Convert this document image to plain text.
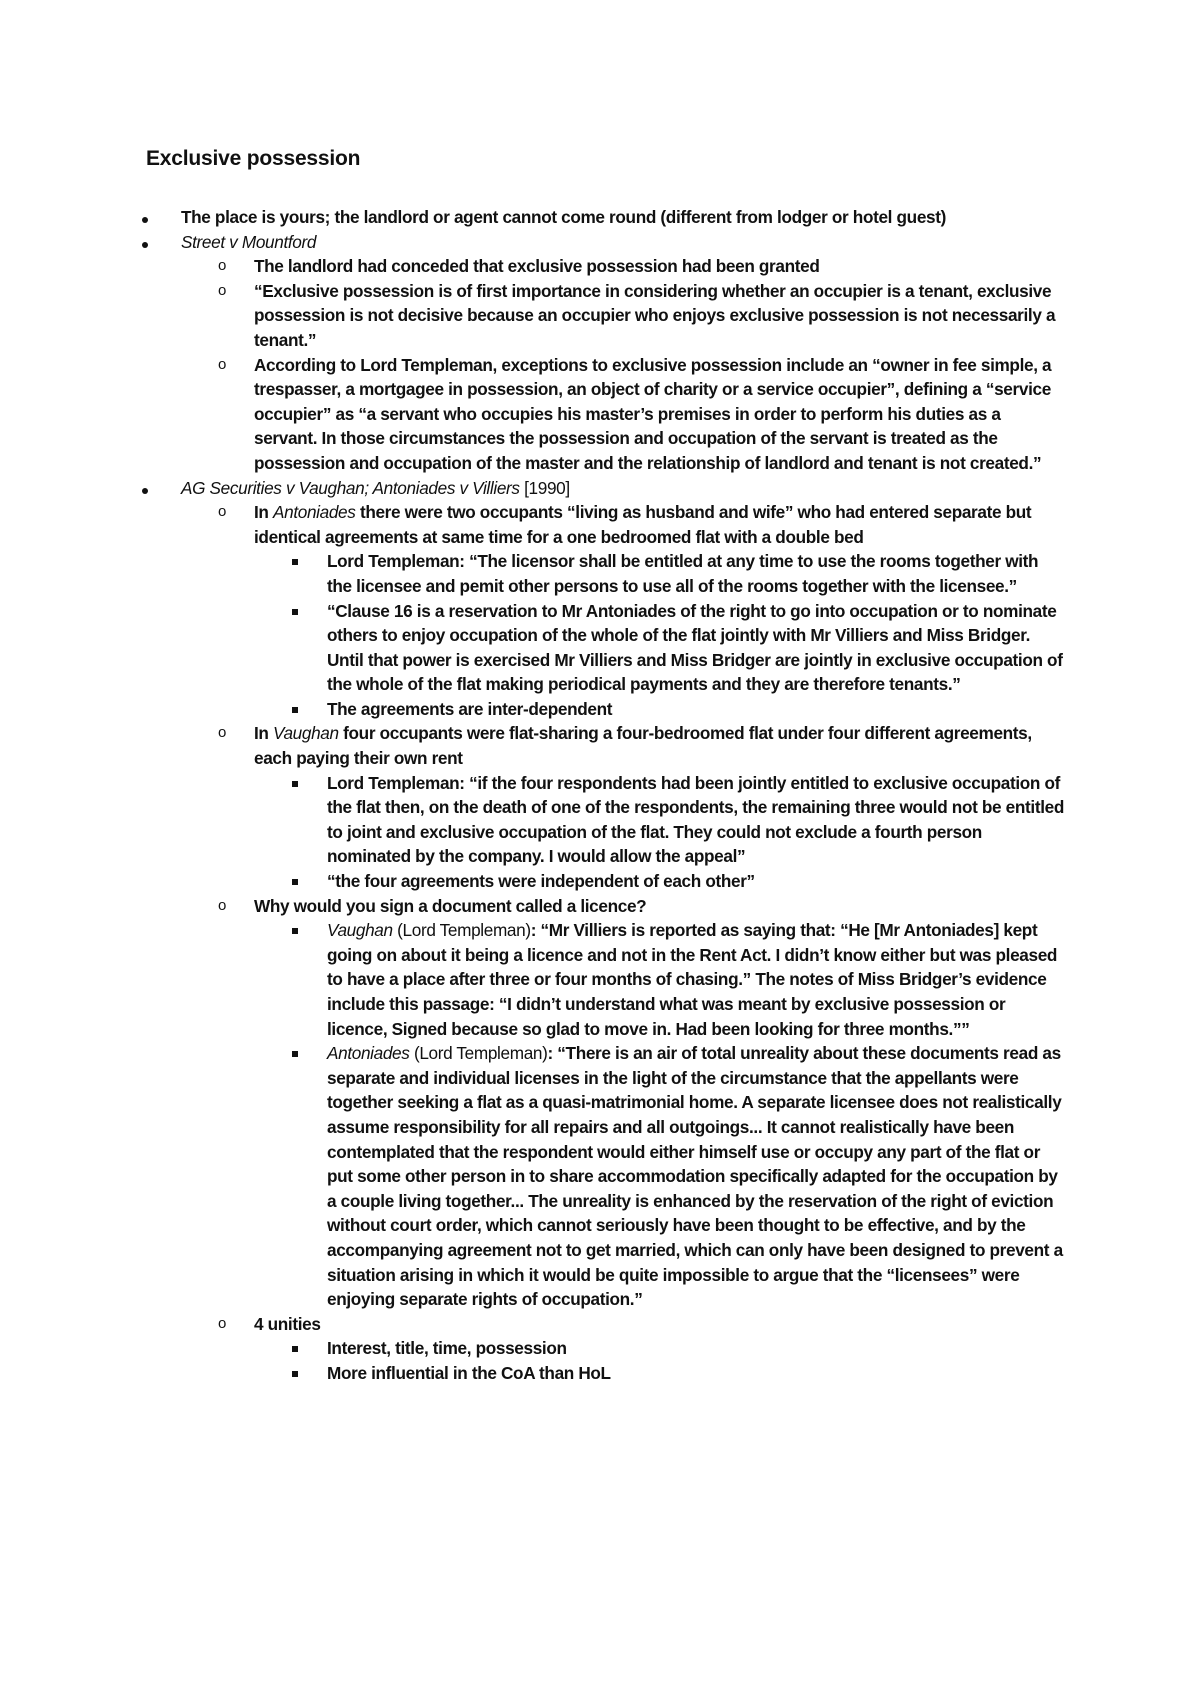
Exclusive possession
The place is yours; the landlord or agent cannot come round (different from lodger or hotel guest)
Street v Mountford
o The landlord had conceded that exclusive possession had been granted
o “Exclusive possession is of first importance in considering whether an occupier is a tenant, exclusive possession is not decisive because an occupier who enjoys exclusive possession is not necessarily a tenant.”
o According to Lord Templeman, exceptions to exclusive possession include an “owner in fee simple, a trespasser, a mortgagee in possession, an object of charity or a service occupier”, defining a “service occupier” as “a servant who occupies his master’s premises in order to perform his duties as a servant. In those circumstances the possession and occupation of the servant is treated as the possession and occupation of the master and the relationship of landlord and tenant is not created.”
AG Securities v Vaughan; Antoniades v Villiers [1990]
o In Antoniades there were two occupants “living as husband and wife” who had entered separate but identical agreements at same time for a one bedroomed flat with a double bed
Lord Templeman: “The licensor shall be entitled at any time to use the rooms together with the licensee and pemit other persons to use all of the rooms together with the licensee.”
“Clause 16 is a reservation to Mr Antoniades of the right to go into occupation or to nominate others to enjoy occupation of the whole of the flat jointly with Mr Villiers and Miss Bridger. Until that power is exercised Mr Villiers and Miss Bridger are jointly in exclusive occupation of the whole of the flat making periodical payments and they are therefore tenants.”
The agreements are inter-dependent
o In Vaughan four occupants were flat-sharing a four-bedroomed flat under four different agreements, each paying their own rent
Lord Templeman: “if the four respondents had been jointly entitled to exclusive occupation of the flat then, on the death of one of the respondents, the remaining three would not be entitled to joint and exclusive occupation of the flat. They could not exclude a fourth person nominated by the company. I would allow the appeal”
“the four agreements were independent of each other”
o Why would you sign a document called a licence?
Vaughan (Lord Templeman): “Mr Villiers is reported as saying that: “He [Mr Antoniades] kept going on about it being a licence and not in the Rent Act. I didn’t know either but was pleased to have a place after three or four months of chasing.” The notes of Miss Bridger’s evidence include this passage: “I didn’t understand what was meant by exclusive possession or licence, Signed because so glad to move in. Had been looking for three months.””
Antoniades (Lord Templeman): “There is an air of total unreality about these documents read as separate and individual licenses in the light of the circumstance that the appellants were together seeking a flat as a quasi-matrimonial home. A separate licensee does not realistically assume responsibility for all repairs and all outgoings... It cannot realistically have been contemplated that the respondent would either himself use or occupy any part of the flat or put some other person in to share accommodation specifically adapted for the occupation by a couple living together... The unreality is enhanced by the reservation of the right of eviction without court order, which cannot seriously have been thought to be effective, and by the accompanying agreement not to get married, which can only have been designed to prevent a situation arising in which it would be quite impossible to argue that the “licensees” were enjoying separate rights of occupation.”
o 4 unities
Interest, title, time, possession
More influential in the CoA than HoL
